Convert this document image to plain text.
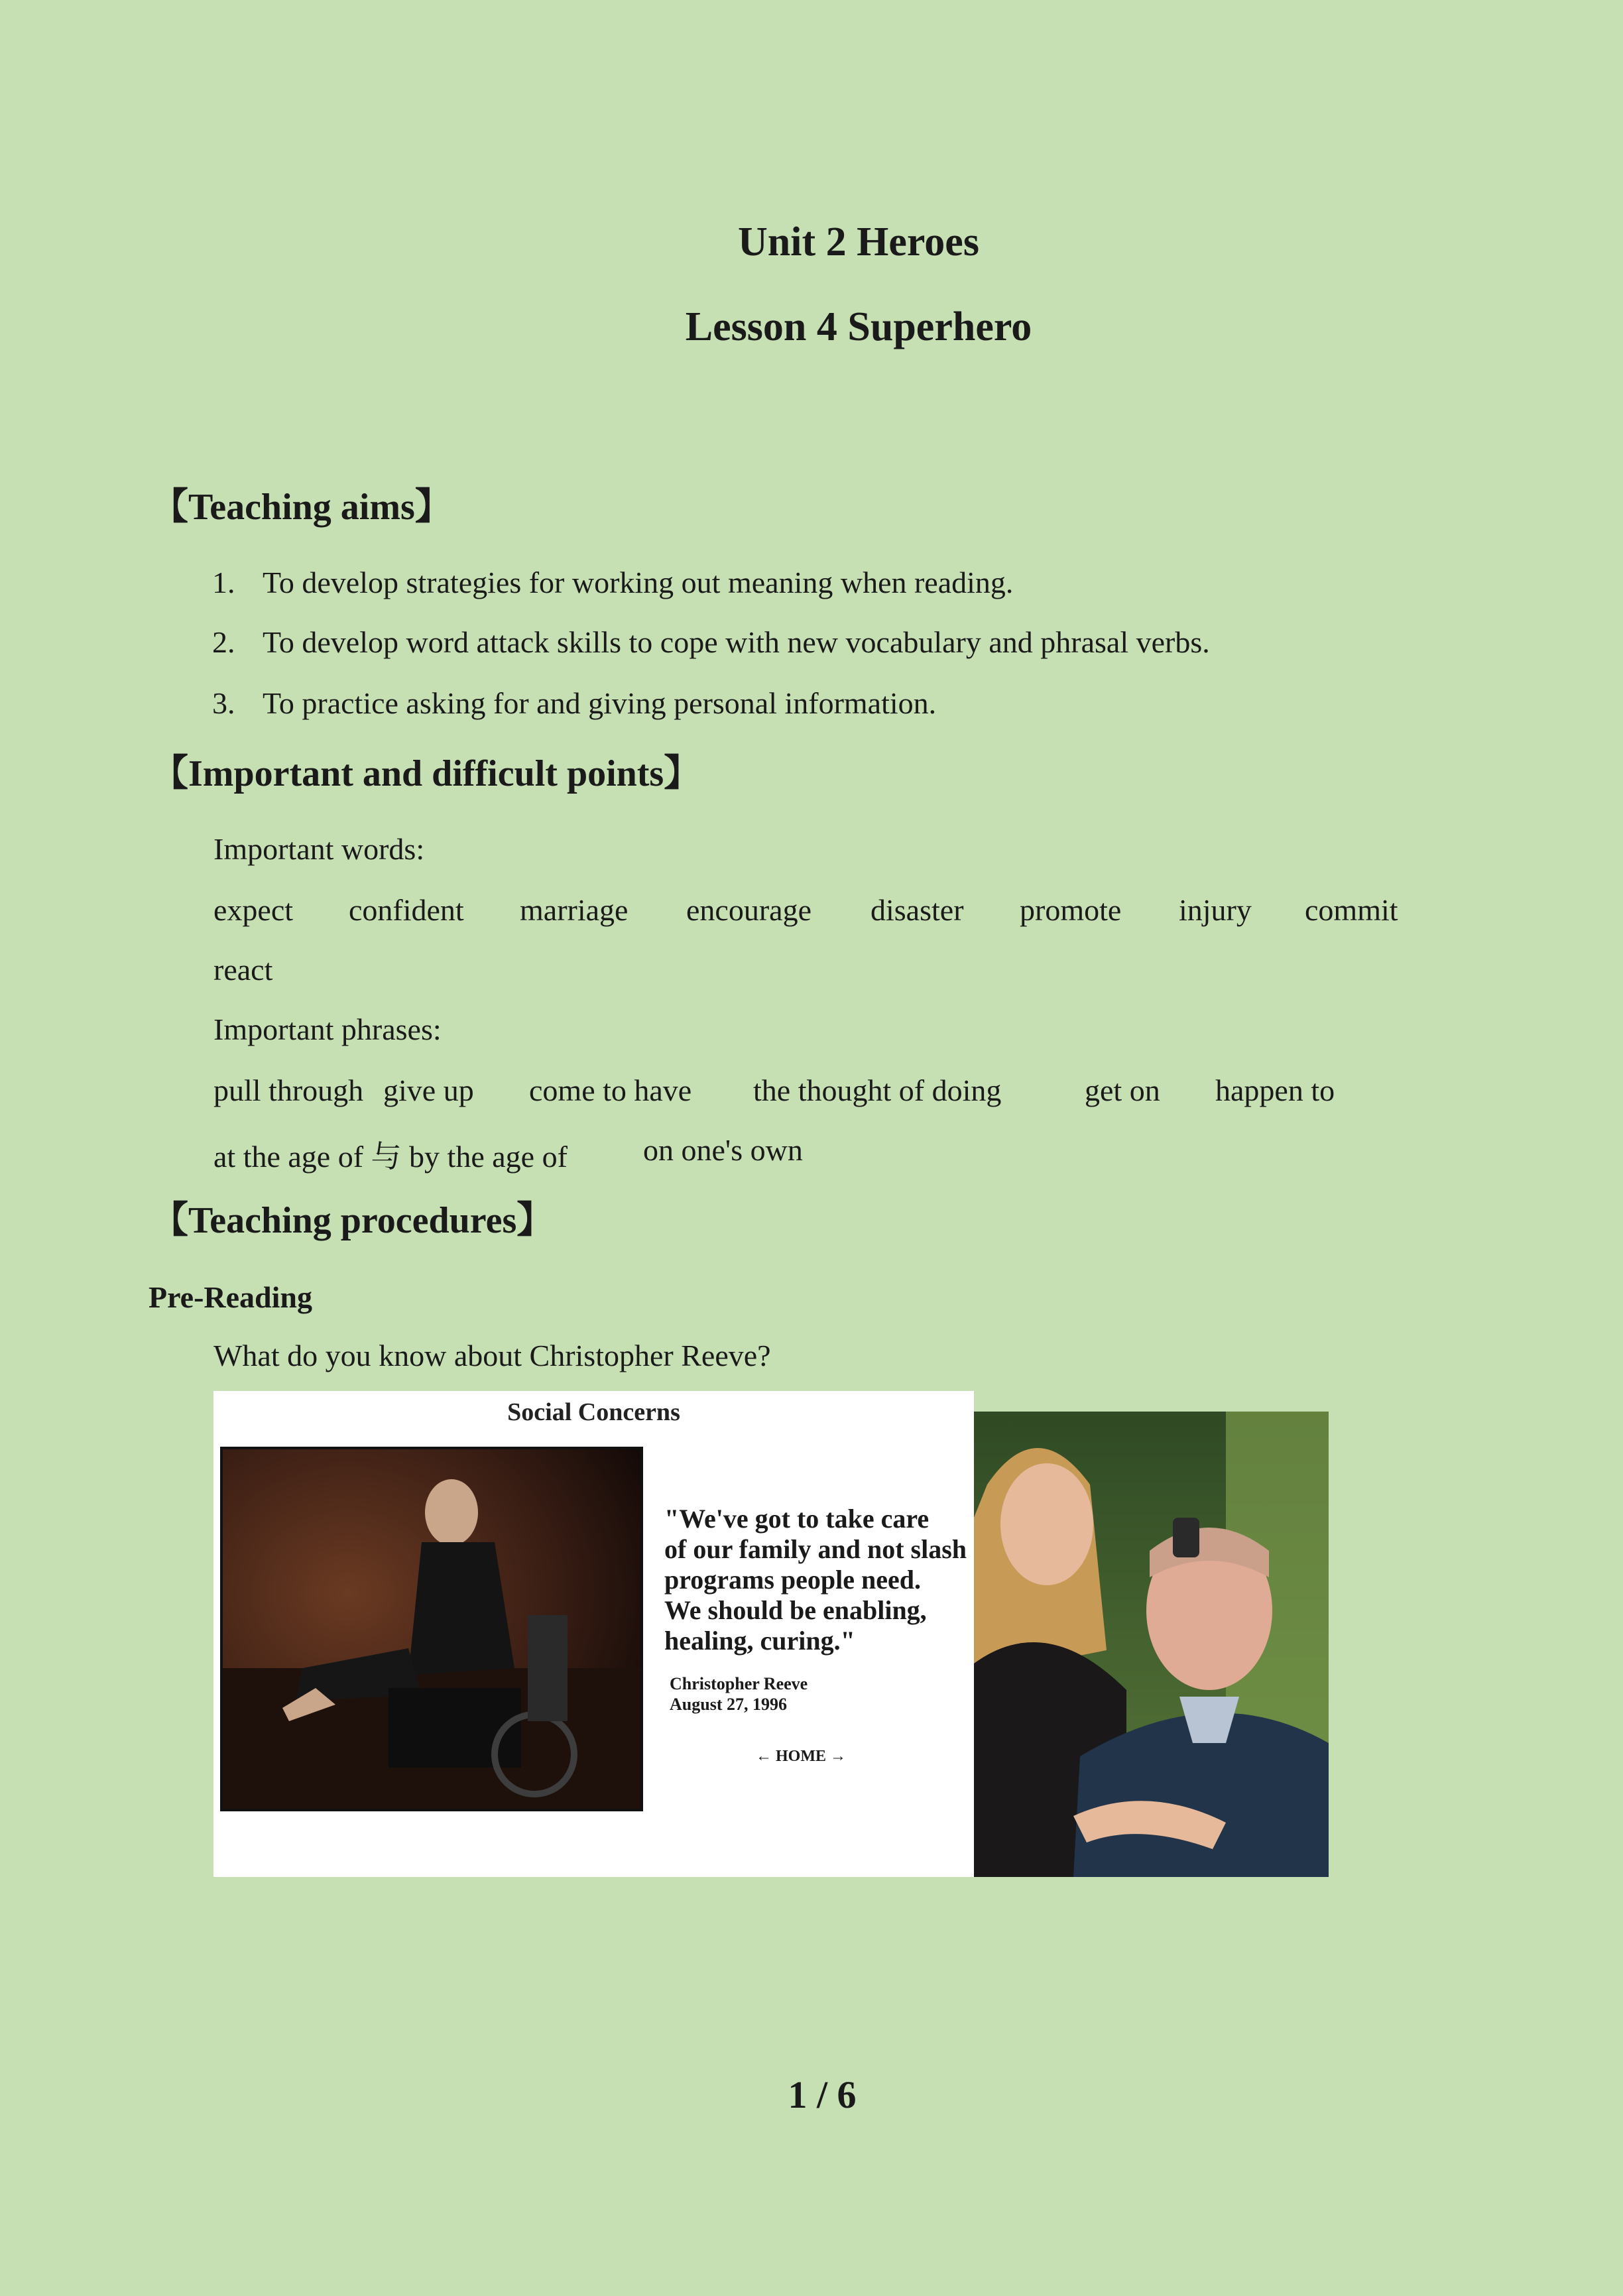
Unit 2 Heroes
Lesson 4 Superhero
【Teaching aims】
1. To develop strategies for working out meaning when reading.
2. To develop word attack skills to cope with new vocabulary and phrasal verbs.
3. To practice asking for and giving personal information.
【Important and difficult points】
Important words:
expect confident marriage encourage disaster promote injury commit
react
Important phrases:
pull through give up come to have the thought of doing	get on happen to
at the age of 与 by the age of on one's own
【Teaching procedures】
Pre-Reading
What do you know about Christopher Reeve?
Social Concerns
"We've got to take care
of our family and not slash
programs people need.
We should be enabling,
healing, curing."
Christopher Reeve
August 27, 1996
← HOME →
1 / 6
